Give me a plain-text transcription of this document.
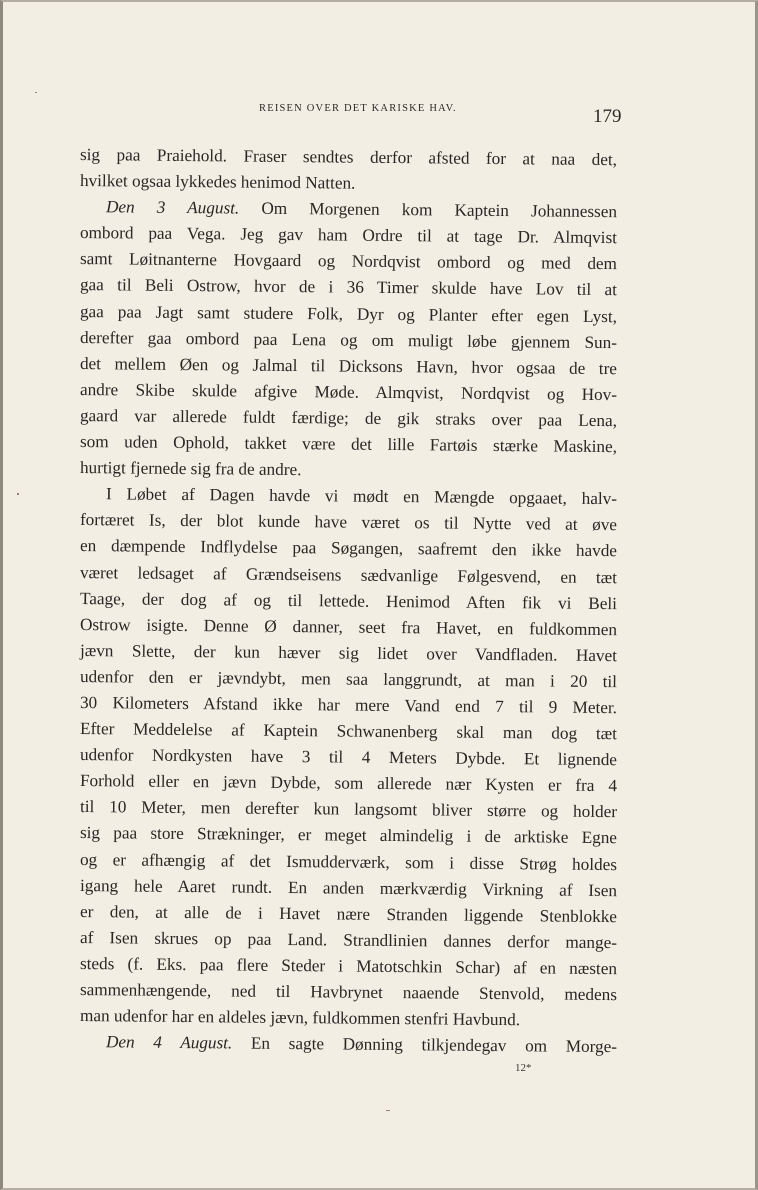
REISEN OVER DET KARISKE HAV.	179
sig paa Praiehold. Fraser sendtes derfor afsted for at naa det,
hvilket ogsaa lykkedes henimod Natten.
Den 3 August. Om Morgenen kom Kaptein Johannessen
ombord paa Vega. Jeg gav ham Ordre til at tage Dr. Almqvist
samt Løitnanterne Hovgaard og Nordqvist ombord og med dem
gaa til Beli Ostrow, hvor de i 36 Timer skulde have Lov til at
gaa paa Jagt samt studere Folk, Dyr og Planter efter egen Lyst,
derefter gaa ombord paa Lena og om muligt løbe gjennem Sun-
det mellem Øen og Jalmal til Dicksons Havn, hvor ogsaa de tre
andre Skibe skulde afgive Møde. Almqvist, Nordqvist og Hov-
gaard var allerede fuldt færdige; de gik straks over paa Lena,
som uden Ophold, takket være det lille Fartøis stærke Maskine,
hurtigt fjernede sig fra de andre.
I Løbet af Dagen havde vi mødt en Mængde opgaaet, halv-
fortæret Is, der blot kunde have været os til Nytte ved at øve
en dæmpende Indflydelse paa Søgangen, saafremt den ikke havde
været ledsaget af Grændseisens sædvanlige Følgesvend, en tæt
Taage, der dog af og til lettede. Henimod Aften fik vi Beli
Ostrow isigte. Denne Ø danner, seet fra Havet, en fuldkommen
jævn Slette, der kun hæver sig lidet over Vandfladen. Havet
udenfor den er jævndybt, men saa langgrundt, at man i 20 til
30 Kilometers Afstand ikke har mere Vand end 7 til 9 Meter.
Efter Meddelelse af Kaptein Schwanenberg skal man dog tæt
udenfor Nordkysten have 3 til 4 Meters Dybde. Et lignende
Forhold eller en jævn Dybde, som allerede nær Kysten er fra 4
til 10 Meter, men derefter kun langsomt bliver større og holder
sig paa store Strækninger, er meget almindelig i de arktiske Egne
og er afhængig af det Ismudderværk, som i disse Strøg holdes
igang hele Aaret rundt. En anden mærkværdig Virkning af Isen
er den, at alle de i Havet nære Stranden liggende Stenblokke
af Isen skrues op paa Land. Strandlinien dannes derfor mange-
steds (f. Eks. paa flere Steder i Matotschkin Schar) af en næsten
sammenhængende, ned til Havbrynet naaende Stenvold, medens
man udenfor har en aldeles jævn, fuldkommen stenfri Havbund.
Den 4 August. En sagte Dønning tilkjendegav om Morge-
12*
